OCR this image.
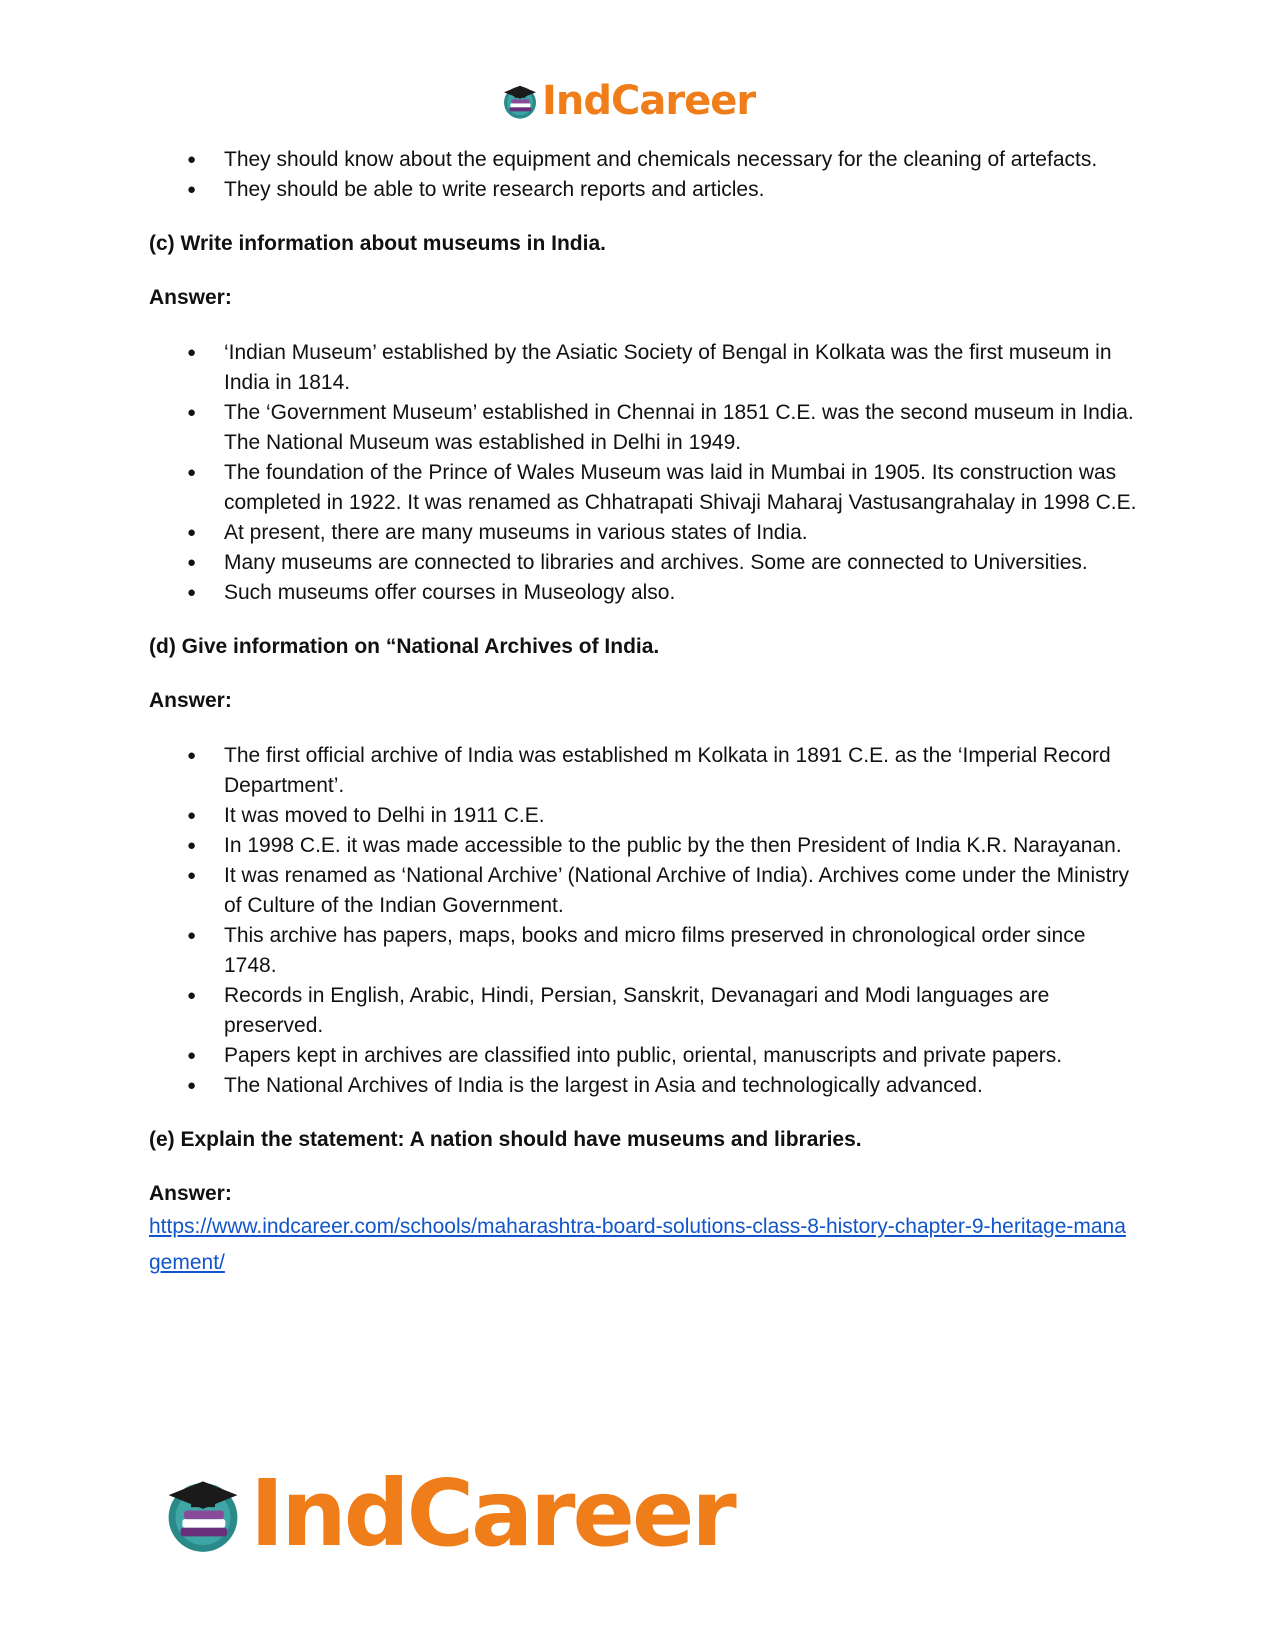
IndCareer
● They should know about the equipment and chemicals necessary for the cleaning of artefacts.
● They should be able to write research reports and articles.

(c) Write information about museums in India.

Answer:

● ‘Indian Museum’ established by the Asiatic Society of Bengal in Kolkata was the first museum in India in 1814.
● The ‘Government Museum’ established in Chennai in 1851 C.E. was the second museum in India. The National Museum was established in Delhi in 1949.
● The foundation of the Prince of Wales Museum was laid in Mumbai in 1905. Its construction was completed in 1922. It was renamed as Chhatrapati Shivaji Maharaj Vastusangrahalay in 1998 C.E.
● At present, there are many museums in various states of India.
● Many museums are connected to libraries and archives. Some are connected to Universities.
● Such museums offer courses in Museology also.

(d) Give information on “National Archives of India.

Answer:

● The first official archive of India was established m Kolkata in 1891 C.E. as the ‘Imperial Record Department’.
● It was moved to Delhi in 1911 C.E.
● In 1998 C.E. it was made accessible to the public by the then President of India K.R. Narayanan.
● It was renamed as ‘National Archive’ (National Archive of India). Archives come under the Ministry of Culture of the Indian Government.
● This archive has papers, maps, books and micro films preserved in chronological order since 1748.
● Records in English, Arabic, Hindi, Persian, Sanskrit, Devanagari and Modi languages are preserved.
● Papers kept in archives are classified into public, oriental, manuscripts and private papers.
● The National Archives of India is the largest in Asia and technologically advanced.

(e) Explain the statement: A nation should have museums and libraries.

Answer:

https://www.indcareer.com/schools/maharashtra-board-solutions-class-8-history-chapter-9-heritage-management/
IndCareer
